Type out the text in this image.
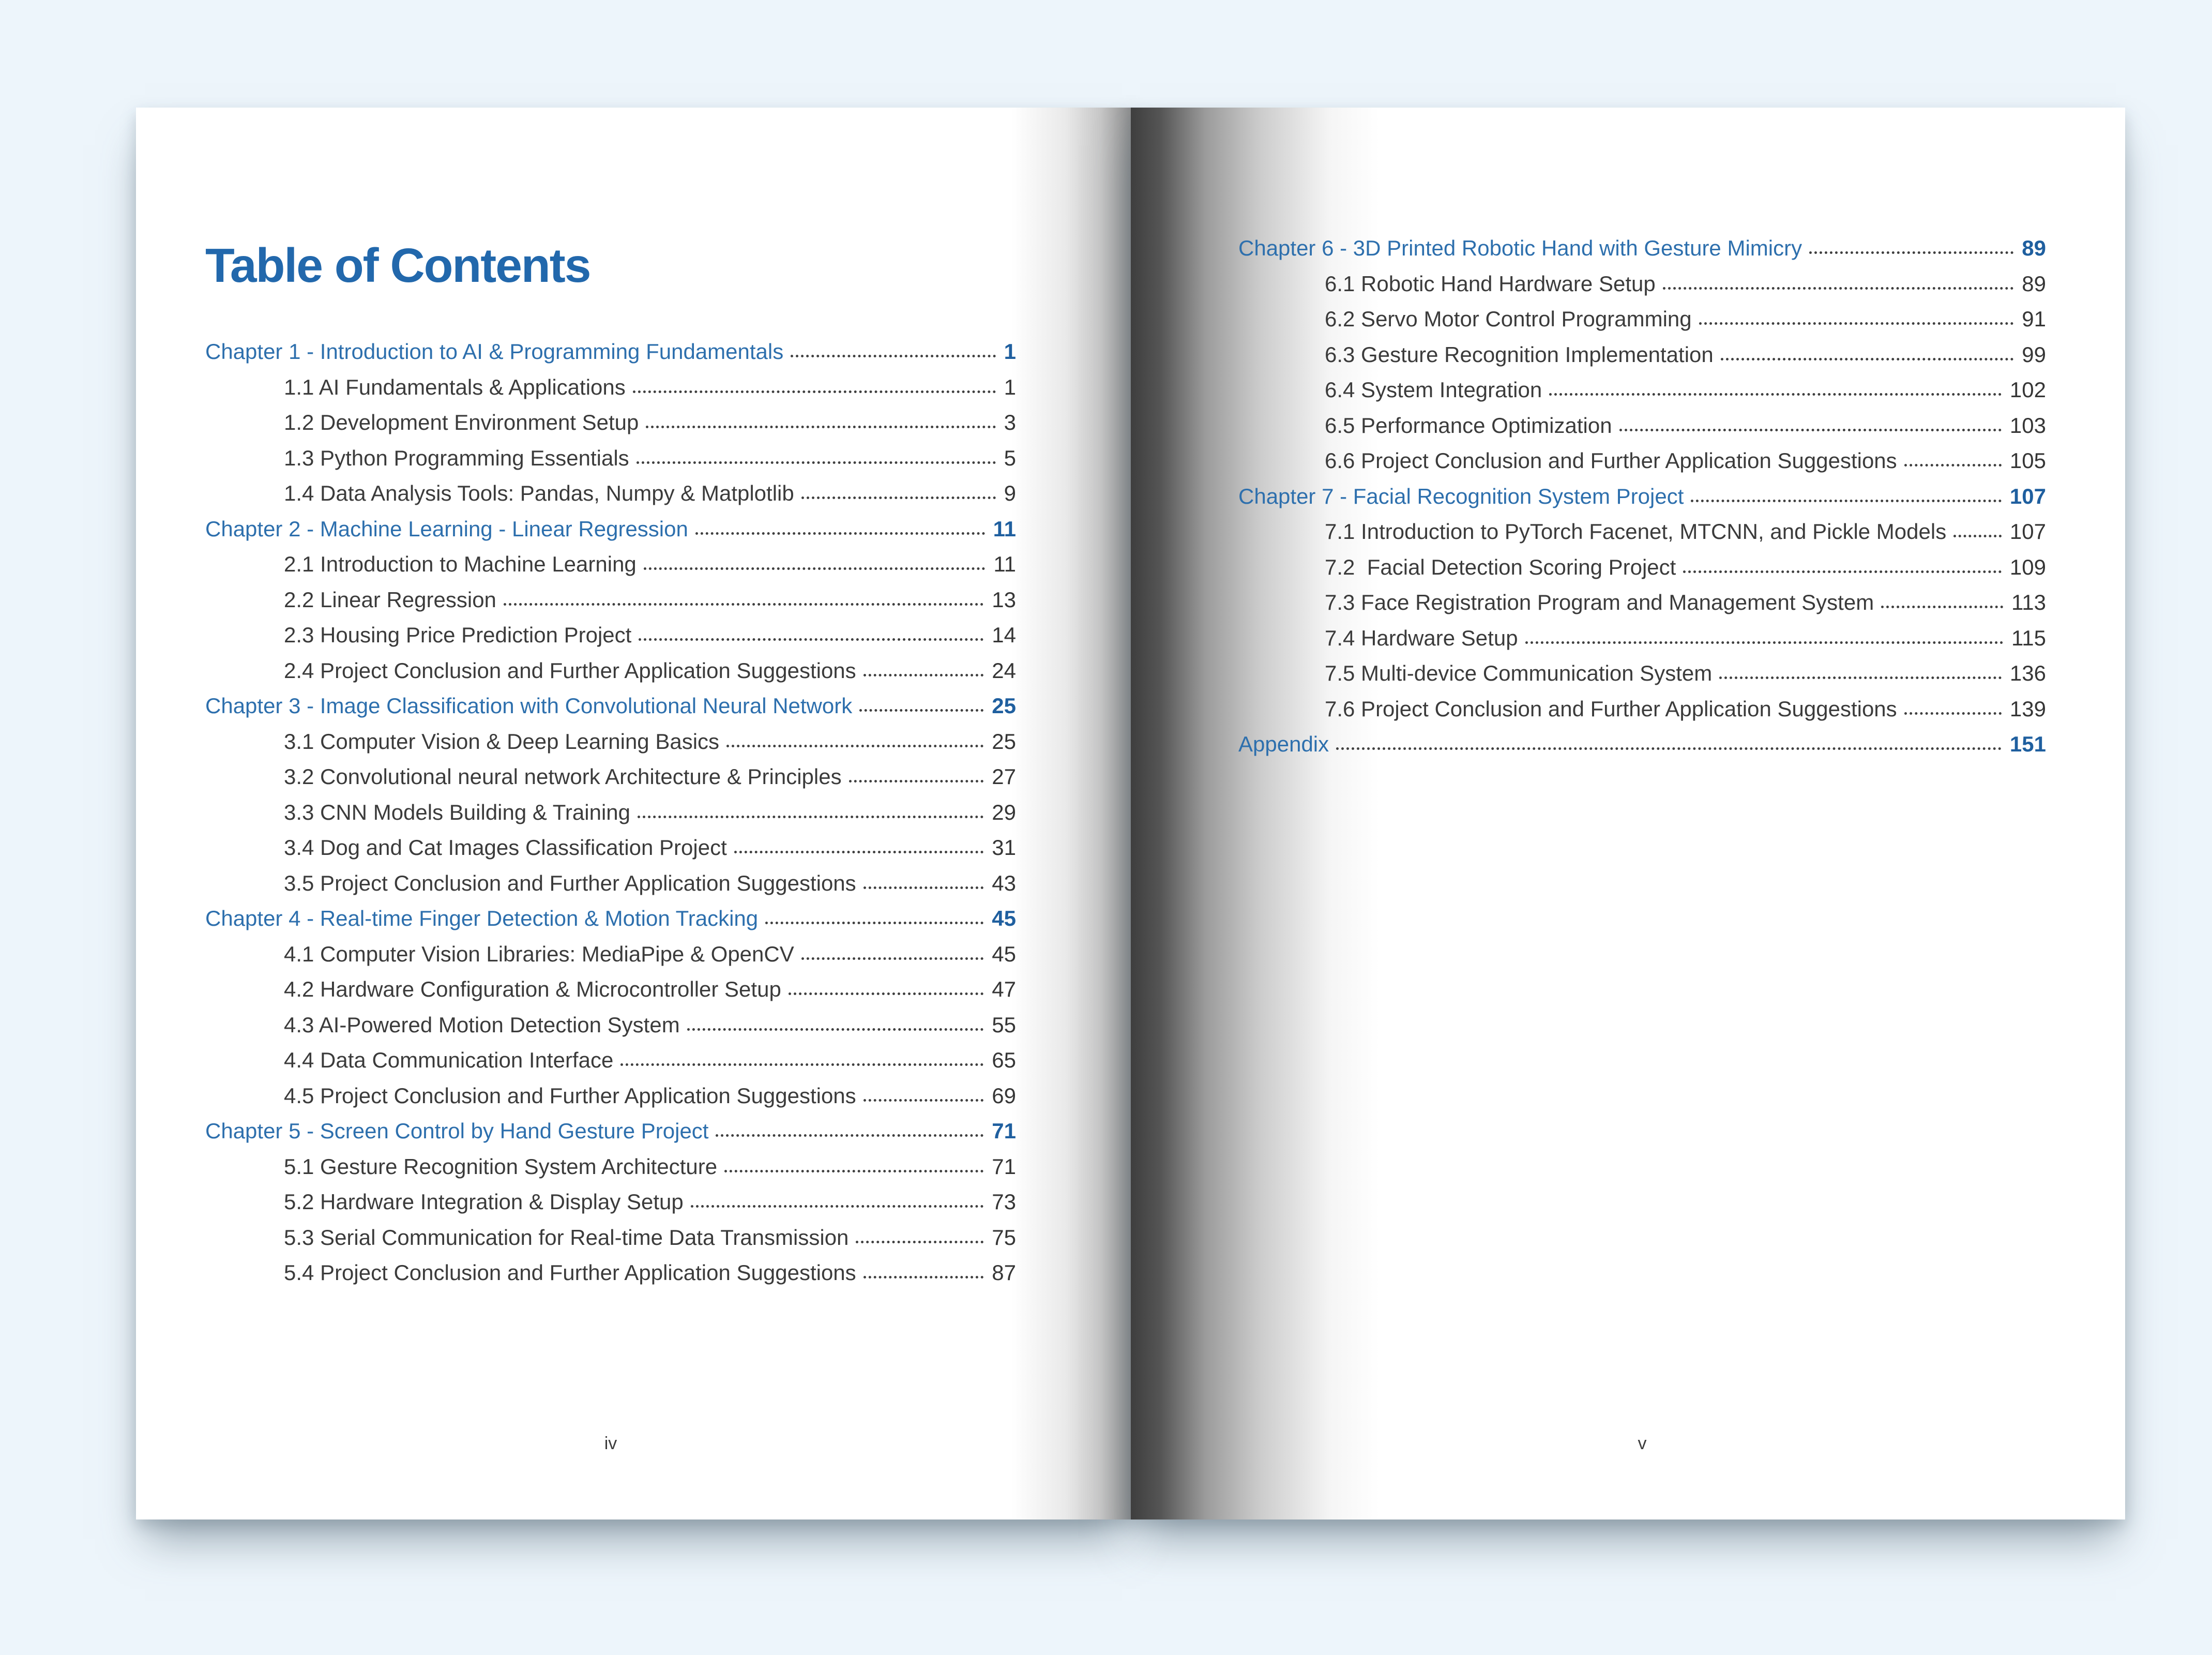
Table of Contents
Chapter 1 - Introduction to AI & Programming Fundamentals	1
1.1 AI Fundamentals & Applications	1
1.2 Development Environment Setup	3
1.3 Python Programming Essentials	5
1.4 Data Analysis Tools: Pandas, Numpy & Matplotlib	9
Chapter 2 - Machine Learning - Linear Regression	11
2.1 Introduction to Machine Learning	11
2.2 Linear Regression	13
2.3 Housing Price Prediction Project	14
2.4 Project Conclusion and Further Application Suggestions	24
Chapter 3 - Image Classification with Convolutional Neural Network	25
3.1 Computer Vision & Deep Learning Basics	25
3.2 Convolutional neural network Architecture & Principles	27
3.3 CNN Models Building & Training	29
3.4 Dog and Cat Images Classification Project	31
3.5 Project Conclusion and Further Application Suggestions	43
Chapter 4 - Real-time Finger Detection & Motion Tracking	45
4.1 Computer Vision Libraries: MediaPipe & OpenCV	45
4.2 Hardware Configuration & Microcontroller Setup	47
4.3 AI-Powered Motion Detection System	55
4.4 Data Communication Interface	65
4.5 Project Conclusion and Further Application Suggestions	69
Chapter 5 - Screen Control by Hand Gesture Project	71
5.1 Gesture Recognition System Architecture	71
5.2 Hardware Integration & Display Setup	73
5.3 Serial Communication for Real-time Data Transmission	75
5.4 Project Conclusion and Further Application Suggestions	87
iv
Chapter 6 - 3D Printed Robotic Hand with Gesture Mimicry	89
6.1 Robotic Hand Hardware Setup	89
6.2 Servo Motor Control Programming	91
6.3 Gesture Recognition Implementation	99
6.4 System Integration	102
6.5 Performance Optimization	103
6.6 Project Conclusion and Further Application Suggestions	105
Chapter 7 - Facial Recognition System Project	107
7.1 Introduction to PyTorch Facenet, MTCNN, and Pickle Models	107
7.2  Facial Detection Scoring Project	109
7.3 Face Registration Program and Management System	113
7.4 Hardware Setup	115
7.5 Multi-device Communication System	136
7.6 Project Conclusion and Further Application Suggestions	139
Appendix	151
v
